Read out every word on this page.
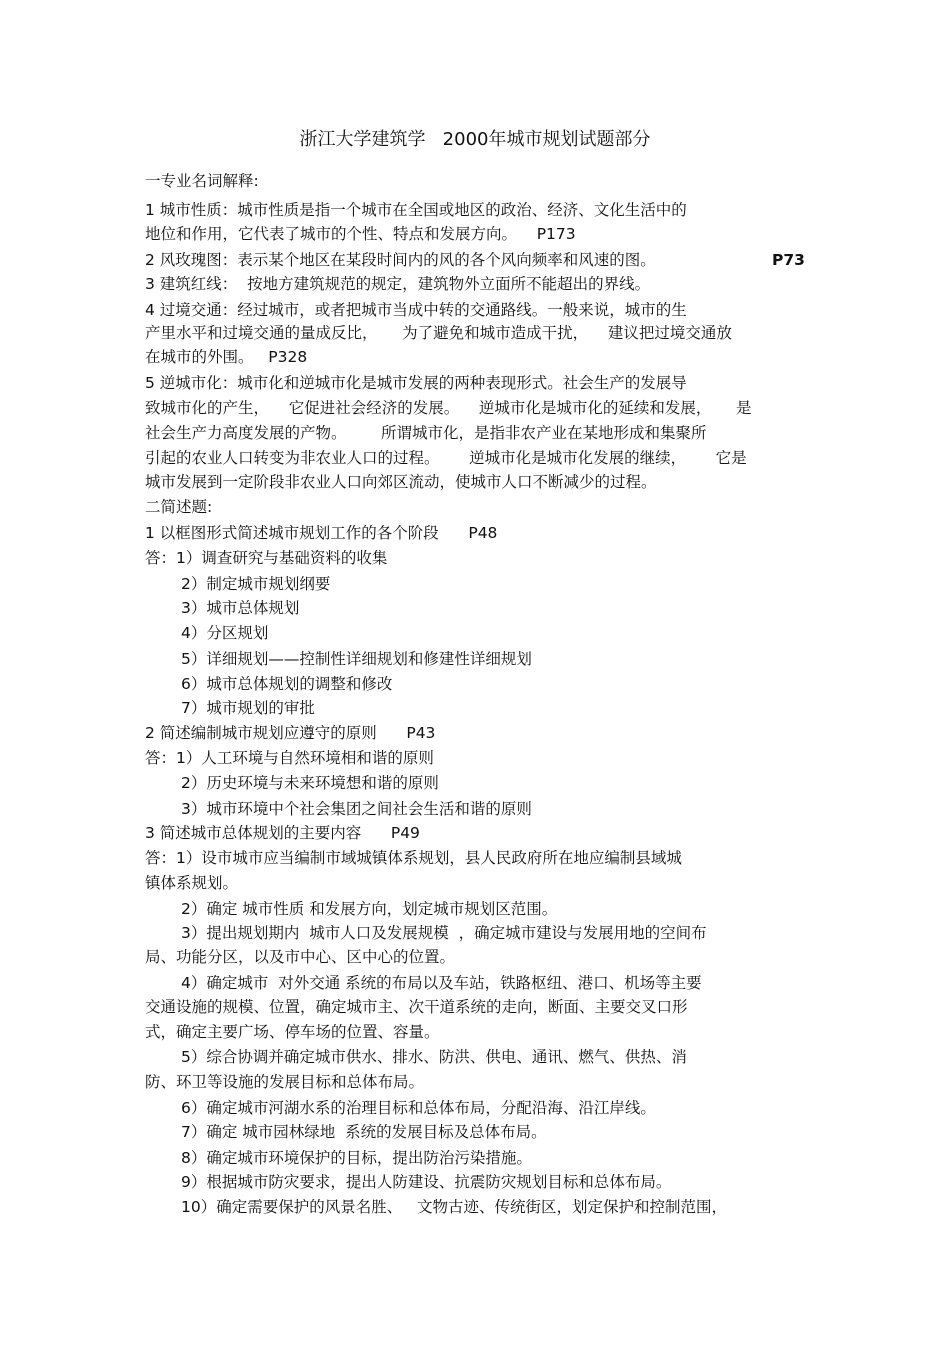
浙江大学建筑学   2000年城市规划试题部分
一专业名词解释:
1 城市性质：城市性质是指一个城市在全国或地区的政治、经济、文化生活中的
地位和作用，它代表了城市的个性、特点和发展方向。    P173
2 风玫瑰图：表示某个地区在某段时间内的风的各个风向频率和风速的图。	P73
3 建筑红线：  按地方建筑规范的规定，建筑物外立面所不能超出的界线。
4 过境交通：经过城市，或者把城市当成中转的交通路线。一般来说，城市的生
产里水平和过境交通的量成反比，     为了避免和城市造成干扰，    建议把过境交通放
在城市的外围。   P328
5 逆城市化：城市化和逆城市化是城市发展的两种表现形式。社会生产的发展导
致城市化的产生，    它促进社会经济的发展。    逆城市化是城市化的延续和发展，     是
社会生产力高度发展的产物。       所谓城市化，是指非农产业在某地形成和集聚所
引起的农业人口转变为非农业人口的过程。      逆城市化是城市化发展的继续，      它是
城市发展到一定阶段非农业人口向郊区流动，使城市人口不断减少的过程。
二简述题:
1 以框图形式简述城市规划工作的各个阶段      P48
答：1）调查研究与基础资料的收集
2）制定城市规划纲要
3）城市总体规划
4）分区规划
5）详细规划——控制性详细规划和修建性详细规划
6）城市总体规划的调整和修改
7）城市规划的审批
2 简述编制城市规划应遵守的原则      P43
答：1）人工环境与自然环境相和谐的原则
2）历史环境与未来环境想和谐的原则
3）城市环境中个社会集团之间社会生活和谐的原则
3 简述城市总体规划的主要内容      P49
答：1）设市城市应当编制市域城镇体系规划，县人民政府所在地应编制县域城
镇体系规划。
2）确定 城市性质 和发展方向，划定城市规划区范围。
3）提出规划期内  城市人口及发展规模  ，确定城市建设与发展用地的空间布
局、功能分区，以及市中心、区中心的位置。
4）确定城市  对外交通 系统的布局以及车站，铁路枢纽、港口、机场等主要
交通设施的规模、位置，确定城市主、次干道系统的走向，断面、主要交叉口形
式，确定主要广场、停车场的位置、容量。
5）综合协调并确定城市供水、排水、防洪、供电、通讯、燃气、供热、消
防、环卫等设施的发展目标和总体布局。
6）确定城市河湖水系的治理目标和总体布局，分配沿海、沿江岸线。
7）确定 城市园林绿地  系统的发展目标及总体布局。
8）确定城市环境保护的目标，提出防治污染措施。
9）根据城市防灾要求，提出人防建设、抗震防灾规划目标和总体布局。
10）确定需要保护的风景名胜、   文物古迹、传统街区，划定保护和控制范围，
